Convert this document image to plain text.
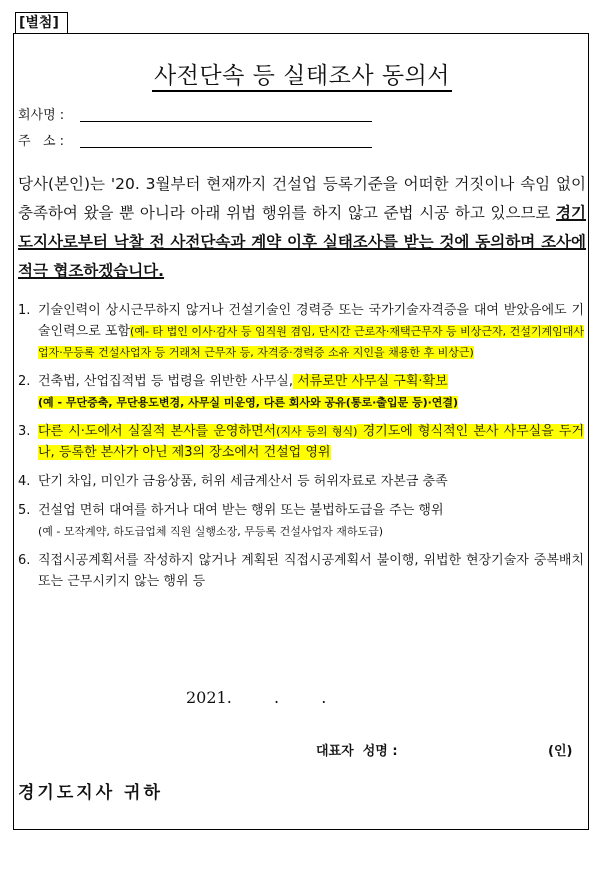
[별첨]
사전단속 등 실태조사 동의서
회사명 :
주   소 :
당사(본인)는 '20. 3월부터 현재까지 건설업 등록기준을 어떠한 거짓이나 속임 없이 충족하여 왔을 뿐 아니라 아래 위법 행위를 하지 않고 준법 시공 하고 있으므로 경기도지사로부터 낙찰 전 사전단속과 계약 이후 실태조사를 받는 것에 동의하며 조사에 적극 협조하겠습니다.
1. 기술인력이 상시근무하지 않거나 건설기술인 경력증 또는 국가기술자격증을 대여 받았음에도 기술인력으로 포함(예- 타 법인 이사·감사 등 임직원 겸임, 단시간 근로자·재택근무자 등 비상근자, 건설기계임대사업자·무등록 건설사업자 등 거래처 근무자 등, 자격증·경력증 소유 지인을 채용한 후 비상근)
2. 건축법, 산업집적법 등 법령을 위반한 사무실, 서류로만 사무실 구획·확보
(예 - 무단증축, 무단용도변경, 사무실 미운영, 다른 회사와 공유(통로·출입문 등)·연결)
3. 다른 시·도에서 실질적 본사를 운영하면서(지사 등의 형식) 경기도에 형식적인 본사 사무실을 두거나, 등록한 본사가 아닌 제3의 장소에서 건설업 영위
4. 단기 차입, 미인가 금융상품, 허위 세금계산서 등 허위자료로 자본금 충족
5. 건설업 면허 대여를 하거나 대여 받는 행위 또는 불법하도급을 주는 행위
(예 - 모작계약, 하도급업체 직원 실행소장, 무등록 건설사업자 재하도급)
6. 직접시공계획서를 작성하지 않거나 계획된 직접시공계획서 불이행, 위법한 현장기술자 중복배치 또는 근무시키지 않는 행위 등
2021.  .  .
대표자  성명 :	(인)
경기도지사 귀하
